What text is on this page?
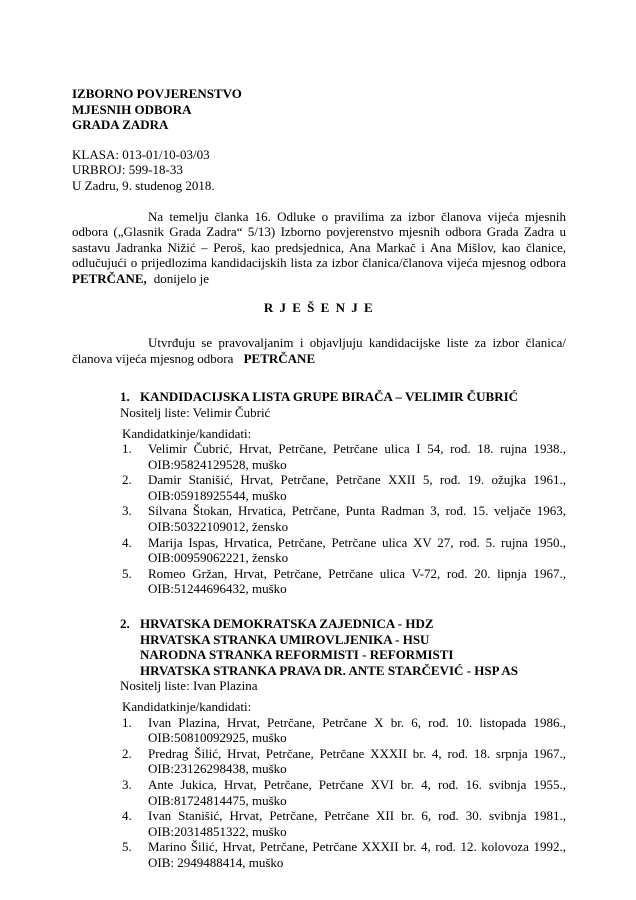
IZBORNO POVJERENSTVO
MJESNIH ODBORA
GRADA ZADRA
KLASA: 013-01/10-03/03
URBROJ: 599-18-33
U Zadru, 9. studenog 2018.

Na temelju članka 16. Odluke o pravilima za izbor članova vijeća mjesnih odbora („Glasnik Grada Zadra“ 5/13) Izborno povjerenstvo mjesnih odbora Grada Zadra u sastavu Jadranka Nižić – Peroš, kao predsjednica, Ana Markač i Ana Mišlov, kao članice, odlučujući o prijedlozima kandidacijskih lista za izbor članica/članova vijeća mjesnog odbora PETRČANE, donijelo je

R J E Š E N J E

Utvrđuju se pravovaljanim i objavljuju kandidacijske liste za izbor članica/članova vijeća mjesnog odbora PETRČANE

1. KANDIDACIJSKA LISTA GRUPE BIRAČA – VELIMIR ČUBRIĆ
Nositelj liste: Velimir Čubrić
Kandidatkinje/kandidati:
1.	Velimir Čubrić, Hrvat, Petrčane, Petrčane ulica I 54, rođ. 18. rujna 1938., OIB:95824129528, muško
2.	Damir Stanišić, Hrvat, Petrčane, Petrčane XXII 5, rođ. 19. ožujka 1961., OIB:05918925544, muško
3.	Silvana Štokan, Hrvatica, Petrčane, Punta Radman 3, rođ. 15. veljače 1963, OIB:50322109012, žensko
4.	Marija Ispas, Hrvatica, Petrčane, Petrčane ulica XV 27, rođ. 5. rujna 1950., OIB:00959062221, žensko
5.	Romeo Gržan, Hrvat, Petrčane, Petrčane ulica V-72, rođ. 20. lipnja 1967., OIB:51244696432, muško
2. HRVATSKA DEMOKRATSKA ZAJEDNICA - HDZ
HRVATSKA STRANKA UMIROVLJENIKA - HSU
NARODNA STRANKA REFORMISTI - REFORMISTI
HRVATSKA STRANKA PRAVA DR. ANTE STARČEVIĆ - HSP AS
Nositelj liste: Ivan Plazina
Kandidatkinje/kandidati:
1.	Ivan Plazina, Hrvat, Petrčane, Petrčane X br. 6, rođ. 10. listopada 1986., OIB:50810092925, muško
2.	Predrag Šilić, Hrvat, Petrčane, Petrčane XXXII br. 4, rođ. 18. srpnja 1967., OIB:23126298438, muško
3.	Ante Jukica, Hrvat, Petrčane, Petrčane XVI br. 4, rođ. 16. svibnja 1955., OIB:81724814475, muško
4.	Ivan Stanišić, Hrvat, Petrčane, Petrčane XII br. 6, rođ. 30. svibnja 1981., OIB:20314851322, muško
5.	Marino Šilić, Hrvat, Petrčane, Petrčane XXXII br. 4, rođ. 12. kolovoza 1992., OIB: 2949488414, muško
